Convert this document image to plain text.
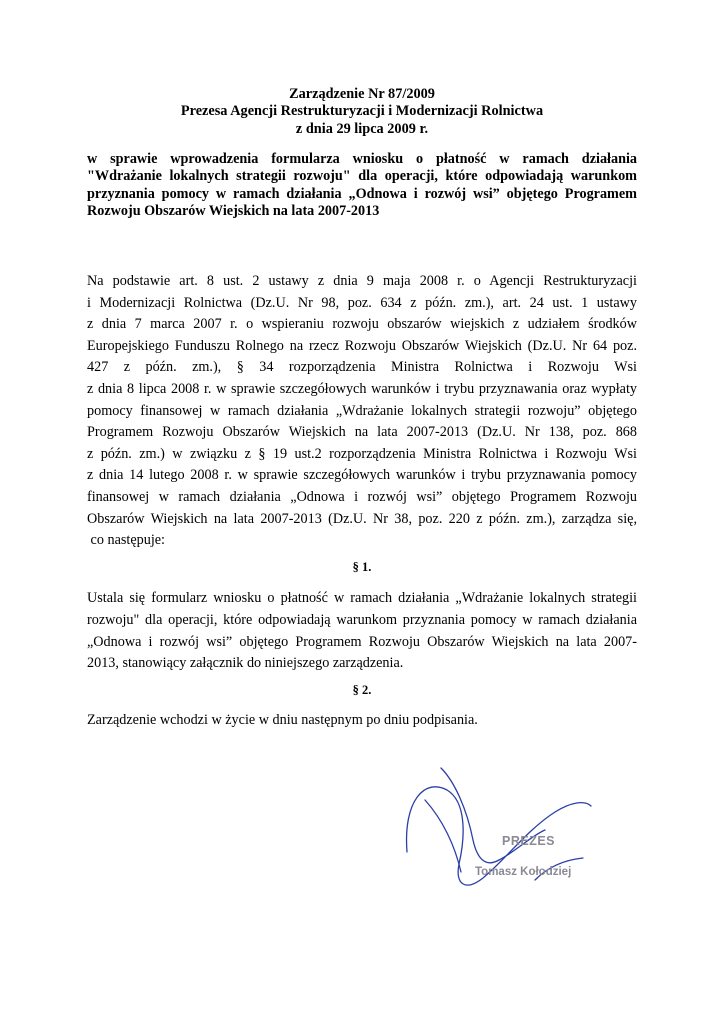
Zarządzenie Nr 87/2009
Prezesa Agencji Restrukturyzacji i Modernizacji Rolnictwa
z dnia 29 lipca 2009 r.
w sprawie wprowadzenia formularza wniosku o płatność w ramach działania
"Wdrażanie lokalnych strategii rozwoju" dla operacji, które odpowiadają warunkom
przyznania pomocy w ramach działania „Odnowa i rozwój wsi” objętego Programem
Rozwoju Obszarów Wiejskich na lata 2007-2013
Na podstawie art. 8 ust. 2 ustawy z dnia 9 maja 2008 r. o Agencji Restrukturyzacji
i Modernizacji Rolnictwa (Dz.U. Nr 98, poz. 634 z późn. zm.), art. 24 ust. 1 ustawy
z dnia 7 marca 2007 r. o wspieraniu rozwoju obszarów wiejskich z udziałem środków
Europejskiego Funduszu Rolnego na rzecz Rozwoju Obszarów Wiejskich (Dz.U. Nr 64 poz.
427 z późn. zm.), § 34 rozporządzenia Ministra Rolnictwa i Rozwoju Wsi
z dnia 8 lipca 2008 r. w sprawie szczegółowych warunków i trybu przyznawania oraz wypłaty
pomocy finansowej w ramach działania „Wdrażanie lokalnych strategii rozwoju” objętego
Programem Rozwoju Obszarów Wiejskich na lata 2007-2013 (Dz.U. Nr 138, poz. 868
z późn. zm.) w związku z § 19 ust.2 rozporządzenia Ministra Rolnictwa i Rozwoju Wsi
z dnia 14 lutego 2008 r. w sprawie szczegółowych warunków i trybu przyznawania pomocy
finansowej w ramach działania „Odnowa i rozwój wsi” objętego Programem Rozwoju
Obszarów Wiejskich na lata 2007-2013 (Dz.U. Nr 38, poz. 220 z późn. zm.), zarządza się,
co następuje:
§ 1.
Ustala się formularz wniosku o płatność w ramach działania „Wdrażanie lokalnych strategii
rozwoju" dla operacji, które odpowiadają warunkom przyznania pomocy w ramach działania
„Odnowa i rozwój wsi” objętego Programem Rozwoju Obszarów Wiejskich na lata 2007-
2013, stanowiący załącznik do niniejszego zarządzenia.
§ 2.
Zarządzenie wchodzi w życie w dniu następnym po dniu podpisania.
PREZES
Tomasz Kołodziej
